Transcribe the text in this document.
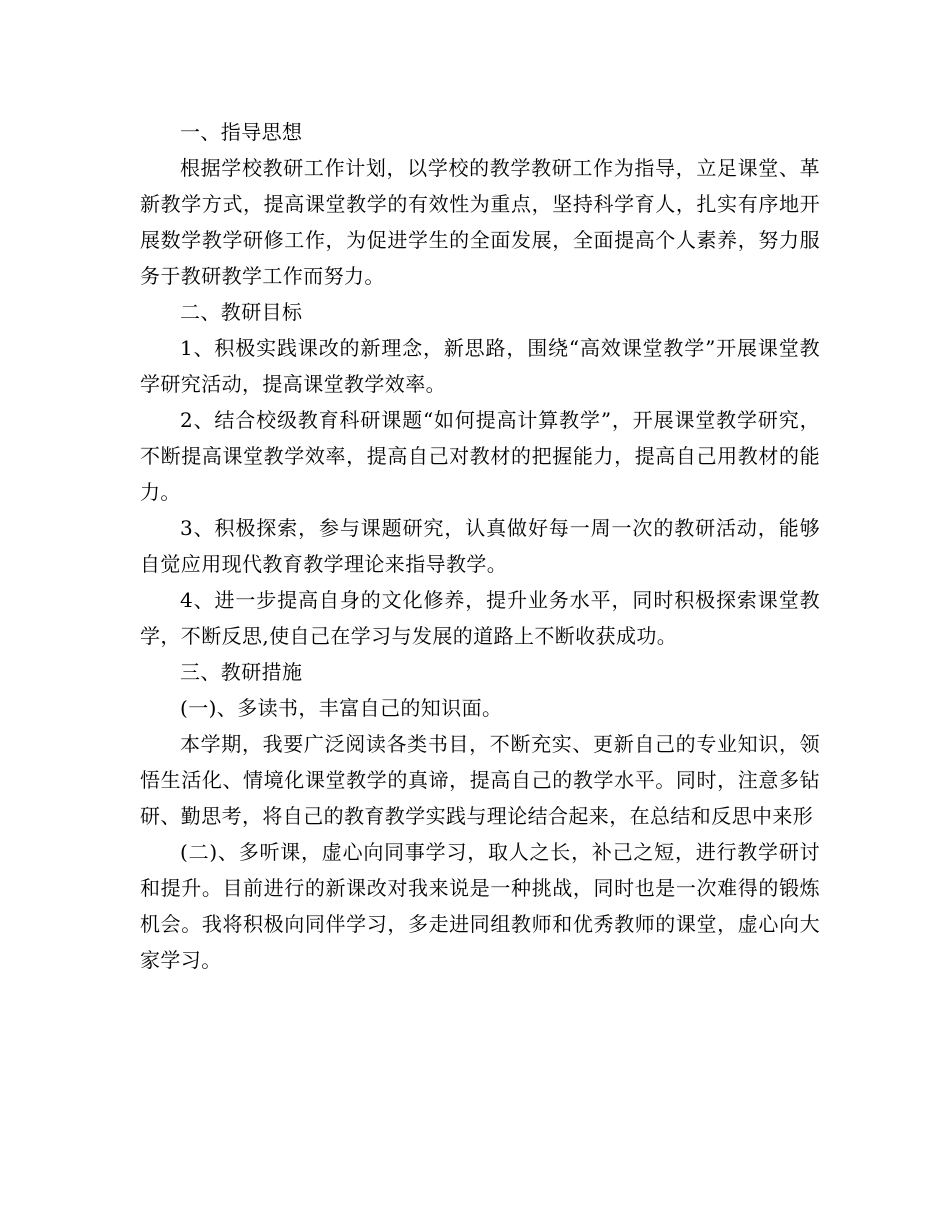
一、指导思想

根据学校教研工作计划，以学校的教学教研工作为指导，立足课堂、革新教学方式，提高课堂教学的有效性为重点，坚持科学育人，扎实有序地开展数学教学研修工作，为促进学生的全面发展，全面提高个人素养，努力服务于教研教学工作而努力。

二、教研目标

1、积极实践课改的新理念，新思路，围绕“高效课堂教学”开展课堂教学研究活动，提高课堂教学效率。

2、结合校级教育科研课题“如何提高计算教学”，开展课堂教学研究，不断提高课堂教学效率，提高自己对教材的把握能力，提高自己用教材的能力。

3、积极探索，参与课题研究，认真做好每一周一次的教研活动，能够自觉应用现代教育教学理论来指导教学。

4、进一步提高自身的文化修养，提升业务水平，同时积极探索课堂教学，不断反思,使自己在学习与发展的道路上不断收获成功。

三、教研措施

(一)、多读书，丰富自己的知识面。

本学期，我要广泛阅读各类书目，不断充实、更新自己的专业知识，领悟生活化、情境化课堂教学的真谛，提高自己的教学水平。同时，注意多钻研、勤思考，将自己的教育教学实践与理论结合起来，在总结和反思中来形

(二)、多听课，虚心向同事学习，取人之长，补己之短，进行教学研讨和提升。目前进行的新课改对我来说是一种挑战，同时也是一次难得的锻炼机会。我将积极向同伴学习，多走进同组教师和优秀教师的课堂，虚心向大家学习。
